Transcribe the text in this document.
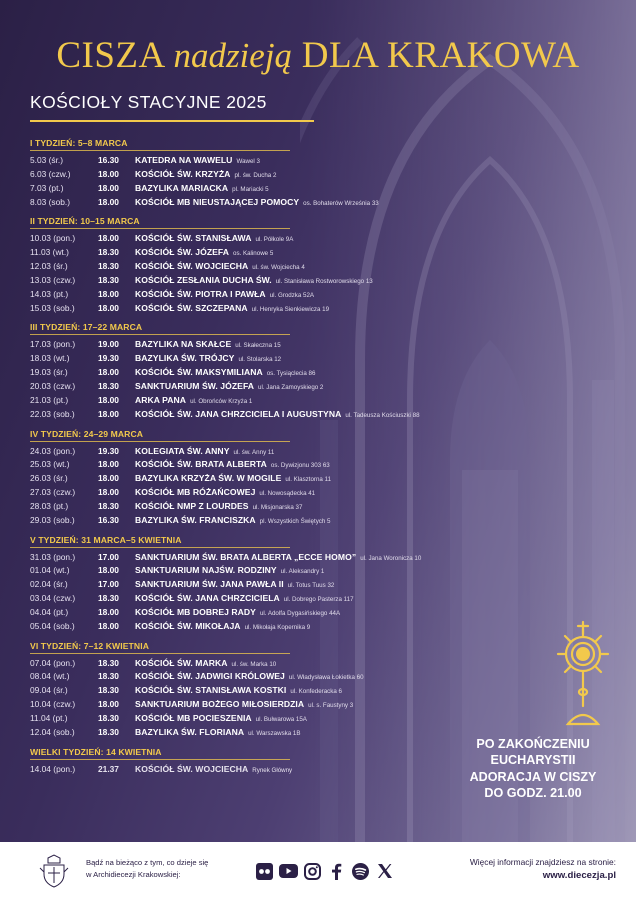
CISZA nadzieją DLA KRAKOWA
KOŚCIOŁY STACYJNE 2025
I TYDZIEŃ: 5–8 MARCA
5.03 (śr.)	16.30	KATEDRA NA WAWELU Wawel 3
6.03 (czw.)	18.00	KOŚCIÓŁ ŚW. KRZYŻA pl. św. Ducha 2
7.03 (pt.)	18.00	BAZYLIKA MARIACKA pl. Mariacki 5
8.03 (sob.)	18.00	KOŚCIÓŁ MB NIEUSTAJĄCEJ POMOCY os. Bohaterów Września 33
II TYDZIEŃ: 10–15 MARCA
10.03 (pon.)	18.00	KOŚCIÓŁ ŚW. STANISŁAWA ul. Półkole 9A
11.03 (wt.)	18.30	KOŚCIÓŁ ŚW. JÓZEFA os. Kalinowe 5
12.03 (śr.)	18.30	KOŚCIÓŁ ŚW. WOJCIECHA ul. św. Wojciecha 4
13.03 (czw.)	18.30	KOŚCIÓŁ ZESŁANIA DUCHA ŚW. ul. Stanisława Rostworowskiego 13
14.03 (pt.)	18.00	KOŚCIÓŁ ŚW. PIOTRA I PAWŁA ul. Grodzka 52A
15.03 (sob.)	18.00	KOŚCIÓŁ ŚW. SZCZEPANA ul. Henryka Sienkiewicza 19
III TYDZIEŃ: 17–22 MARCA
17.03 (pon.)	19.00	BAZYLIKA NA SKAŁCE ul. Skałeczna 15
18.03 (wt.)	19.30	BAZYLIKA ŚW. TRÓJCY ul. Stolarska 12
19.03 (śr.)	18.00	KOŚCIÓŁ ŚW. MAKSYMILIANA os. Tysiąclecia 86
20.03 (czw.)	18.30	SANKTUARIUM ŚW. JÓZEFA ul. Jana Zamoyskiego 2
21.03 (pt.)	18.00	ARKA PANA ul. Obrońców Krzyża 1
22.03 (sob.)	18.00	KOŚCIÓŁ ŚW. JANA CHRZCICIELA I AUGUSTYNA ul. Tadeusza Kościuszki 88
IV TYDZIEŃ: 24–29 MARCA
24.03 (pon.)	19.30	KOLEGIATA ŚW. ANNY ul. św. Anny 11
25.03 (wt.)	18.00	KOŚCIÓŁ ŚW. BRATA ALBERTA os. Dywizjonu 303 63
26.03 (śr.)	18.00	BAZYLIKA KRZYŻA ŚW. W MOGILE ul. Klasztorna 11
27.03 (czw.)	18.00	KOŚCIÓŁ MB RÓŻAŃCOWEJ ul. Nowosądecka 41
28.03 (pt.)	18.30	KOŚCIÓŁ NMP Z LOURDES ul. Misjonarska 37
29.03 (sob.)	16.30	BAZYLIKA ŚW. FRANCISZKA pl. Wszystkich Świętych 5
V TYDZIEŃ: 31 MARCA–5 KWIETNIA
31.03 (pon.)	17.00	SANKTUARIUM ŚW. BRATA ALBERTA „ECCE HOMO” ul. Jana Woronicza 10
01.04 (wt.)	18.00	SANKTUARIUM NAJŚW. RODZINY ul. Aleksandry 1
02.04 (śr.)	17.00	SANKTUARIUM ŚW. JANA PAWŁA II ul. Totus Tuus 32
03.04 (czw.)	18.30	KOŚCIÓŁ ŚW. JANA CHRZCICIELA ul. Dobrego Pasterza 117
04.04 (pt.)	18.00	KOŚCIÓŁ MB DOBREJ RADY ul. Adolfa Dygasińskiego 44A
05.04 (sob.)	18.00	KOŚCIÓŁ ŚW. MIKOŁAJA ul. Mikołaja Kopernika 9
VI TYDZIEŃ: 7–12 KWIETNIA
07.04 (pon.)	18.30	KOŚCIÓŁ ŚW. MARKA ul. św. Marka 10
08.04 (wt.)	18.30	KOŚCIÓŁ ŚW. JADWIGI KRÓLOWEJ ul. Władysława Łokietka 60
09.04 (śr.)	18.30	KOŚCIÓŁ ŚW. STANISŁAWA KOSTKI ul. Konfederacka 6
10.04 (czw.)	18.00	SANKTUARIUM BOŻEGO MIŁOSIERDZIA ul. s. Faustyny 3
11.04 (pt.)	18.30	KOŚCIÓŁ MB POCIESZENIA ul. Bułwarowa 15A
12.04 (sob.)	18.30	BAZYLIKA ŚW. FLORIANA ul. Warszawska 1B
WIELKI TYDZIEŃ: 14 KWIETNIA
14.04 (pon.)	21.37	KOŚCIÓŁ ŚW. WOJCIECHA Rynek Główny
PO ZAKOŃCZENIU
EUCHARYSTII
ADORACJA W CISZY
DO GODZ. 21.00
Bądź na bieżąco z tym, co dzieje się
w Archidiecezji Krakowskiej:
Więcej informacji znajdziesz na stronie:
www.diecezja.pl
